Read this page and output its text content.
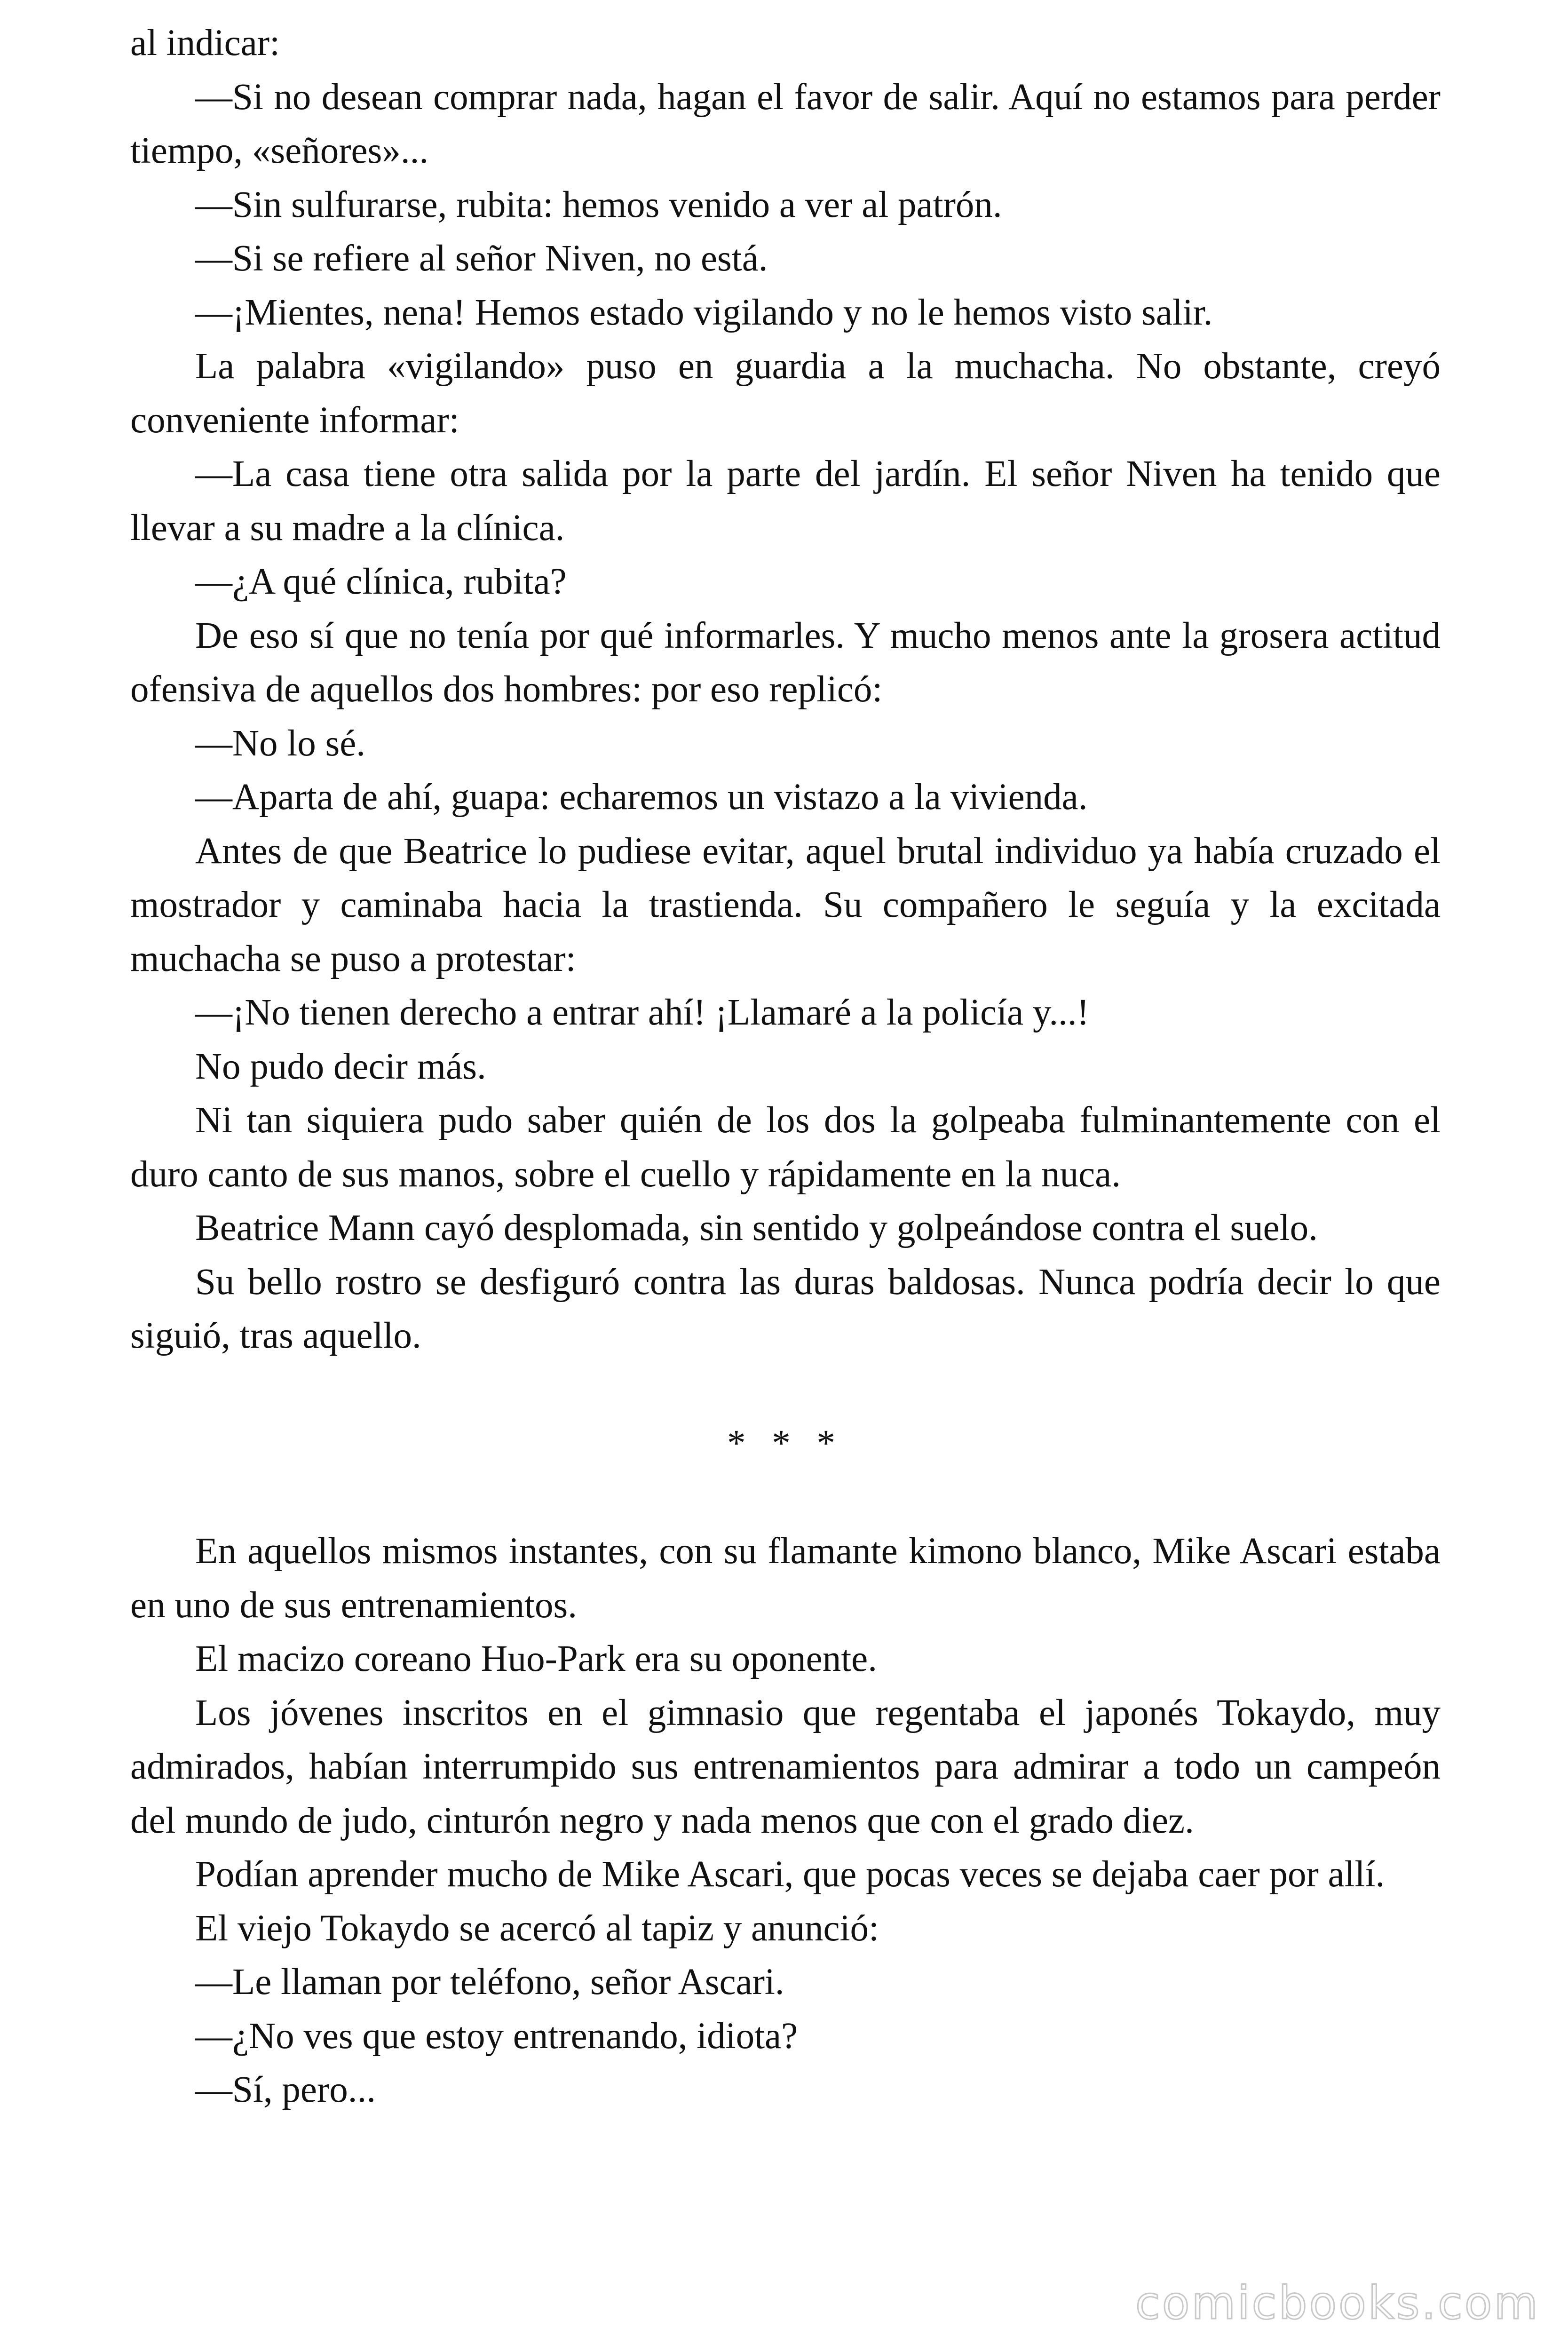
al indicar:

—Si no desean comprar nada, hagan el favor de salir. Aquí no estamos para perder tiempo, «señores»...

—Sin sulfurarse, rubita: hemos venido a ver al patrón.

—Si se refiere al señor Niven, no está.

—¡Mientes, nena! Hemos estado vigilando y no le hemos visto salir.

La palabra «vigilando» puso en guardia a la muchacha. No obstante, creyó conveniente informar:

—La casa tiene otra salida por la parte del jardín. El señor Niven ha tenido que llevar a su madre a la clínica.

—¿A qué clínica, rubita?

De eso sí que no tenía por qué informarles. Y mucho menos ante la grosera actitud ofensiva de aquellos dos hombres: por eso replicó:

—No lo sé.

—Aparta de ahí, guapa: echaremos un vistazo a la vivienda.

Antes de que Beatrice lo pudiese evitar, aquel brutal individuo ya había cruzado el mostrador y caminaba hacia la trastienda. Su compañero le seguía y la excitada muchacha se puso a protestar:

—¡No tienen derecho a entrar ahí! ¡Llamaré a la policía y...!

No pudo decir más.

Ni tan siquiera pudo saber quién de los dos la golpeaba fulminantemente con el duro canto de sus manos, sobre el cuello y rápidamente en la nuca.

Beatrice Mann cayó desplomada, sin sentido y golpeándose contra el suelo.

Su bello rostro se desfiguró contra las duras baldosas. Nunca podría decir lo que siguió, tras aquello.

* * *

En aquellos mismos instantes, con su flamante kimono blanco, Mike Ascari estaba en uno de sus entrenamientos.

El macizo coreano Huo-Park era su oponente.

Los jóvenes inscritos en el gimnasio que regentaba el japonés Tokaydo, muy admirados, habían interrumpido sus entrenamientos para admirar a todo un campeón del mundo de judo, cinturón negro y nada menos que con el grado diez.

Podían aprender mucho de Mike Ascari, que pocas veces se dejaba caer por allí.

El viejo Tokaydo se acercó al tapiz y anunció:

—Le llaman por teléfono, señor Ascari.

—¿No ves que estoy entrenando, idiota?

—Sí, pero...

comicbooks.com
